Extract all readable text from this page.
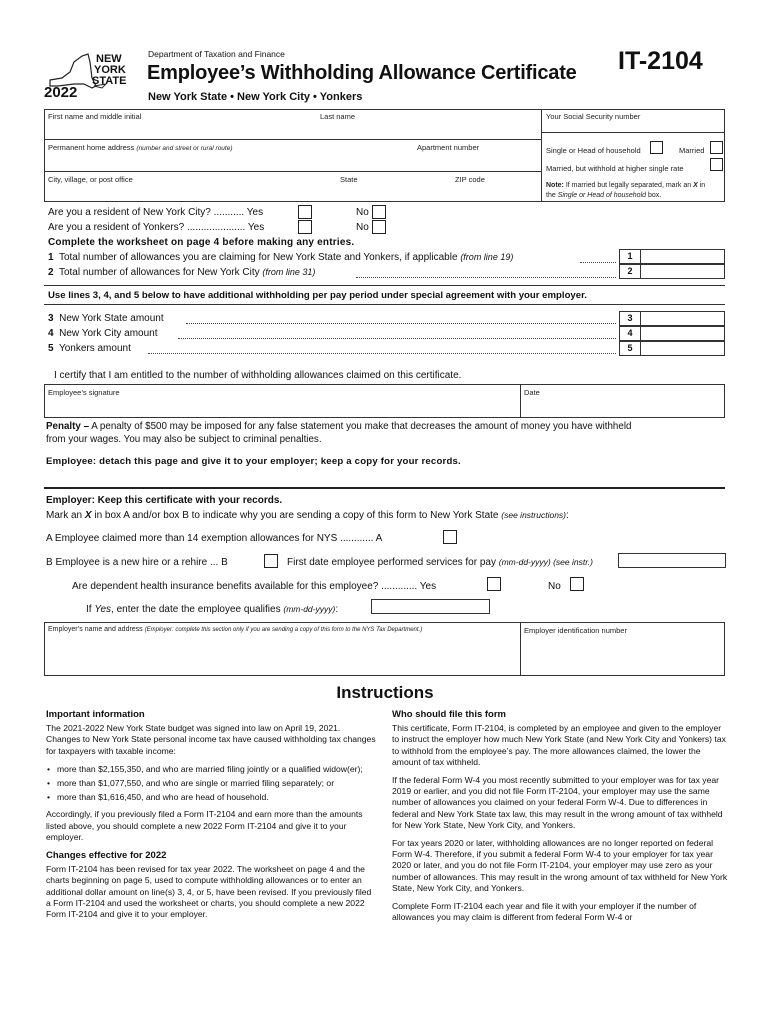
NEW
YORK
STATE
2022
Department of Taxation and Finance
Employee’s Withholding Allowance Certificate IT-2104
New York State • New York City • Yonkers
First name and middle initial	Last name	Your Social Security number
Permanent home address (number and street or rural route)	Apartment number	Single or Head of household	Married
Married, but withhold at higher single rate
City, village, or post office	State	ZIP code
Note: If married but legally separated, mark an X in
the Single or Head of household box.
Are you a resident of New York City? ........... Yes	No
Are you a resident of Yonkers? ..................... Yes	No
Complete the worksheet on page 4 before making any entries.
1 Total number of allowances you are claiming for New York State and Yonkers, if applicable (from line 19)	1
2 Total number of allowances for New York City (from line 31)	2
Use lines 3, 4, and 5 below to have additional withholding per pay period under special agreement with your employer.
3 New York State amount	3
4 New York City amount	4
5 Yonkers amount	5
I certify that I am entitled to the number of withholding allowances claimed on this certificate.
Employee’s signature	Date
Penalty – A penalty of $500 may be imposed for any false statement you make that decreases the amount of money you have withheld
from your wages. You may also be subject to criminal penalties.
Employee: detach this page and give it to your employer; keep a copy for your records.
Employer: Keep this certificate with your records.
Mark an X in box A and/or box B to indicate why you are sending a copy of this form to New York State (see instructions):
A Employee claimed more than 14 exemption allowances for NYS ............ A
B Employee is a new hire or a rehire ... B	First date employee performed services for pay (mm-dd-yyyy) (see instr.)
Are dependent health insurance benefits available for this employee? ............. Yes	No
If Yes, enter the date the employee qualifies (mm-dd-yyyy):
Employer’s name and address (Employer: complete this section only if you are sending a copy of this form to the NYS Tax Department.)	Employer identification number
Instructions
Important information

The 2021-2022 New York State budget was signed into law on April 19, 2021. Changes to New York State personal income tax have caused withholding tax changes for taxpayers with taxable income:

• more than $2,155,350, and who are married filing jointly or a qualified widow(er);
• more than $1,077,550, and who are single or married filing separately; or
• more than $1,616,450, and who are head of household.

Accordingly, if you previously filed a Form IT-2104 and earn more than the amounts listed above, you should complete a new 2022 Form IT-2104 and give it to your employer.

Changes effective for 2022

Form IT-2104 has been revised for tax year 2022. The worksheet on page 4 and the charts beginning on page 5, used to compute withholding allowances or to enter an additional dollar amount on line(s) 3, 4, or 5, have been revised. If you previously filed a Form IT-2104 and used the worksheet or charts, you should complete a new 2022 Form IT-2104 and give it to your employer.

Who should file this form

This certificate, Form IT-2104, is completed by an employee and given to the employer to instruct the employer how much New York State (and New York City and Yonkers) tax to withhold from the employee’s pay. The more allowances claimed, the lower the amount of tax withheld.

If the federal Form W-4 you most recently submitted to your employer was for tax year 2019 or earlier, and you did not file Form IT-2104, your employer may use the same number of allowances you claimed on your federal Form W-4. Due to differences in federal and New York State tax law, this may result in the wrong amount of tax withheld for New York State, New York City, and Yonkers.

For tax years 2020 or later, withholding allowances are no longer reported on federal Form W-4. Therefore, if you submit a federal Form W-4 to your employer for tax year 2020 or later, and you do not file Form IT-2104, your employer may use zero as your number of allowances. This may result in the wrong amount of tax withheld for New York State, New York City, and Yonkers.

Complete Form IT-2104 each year and file it with your employer if the number of allowances you may claim is different from federal Form W-4 or
